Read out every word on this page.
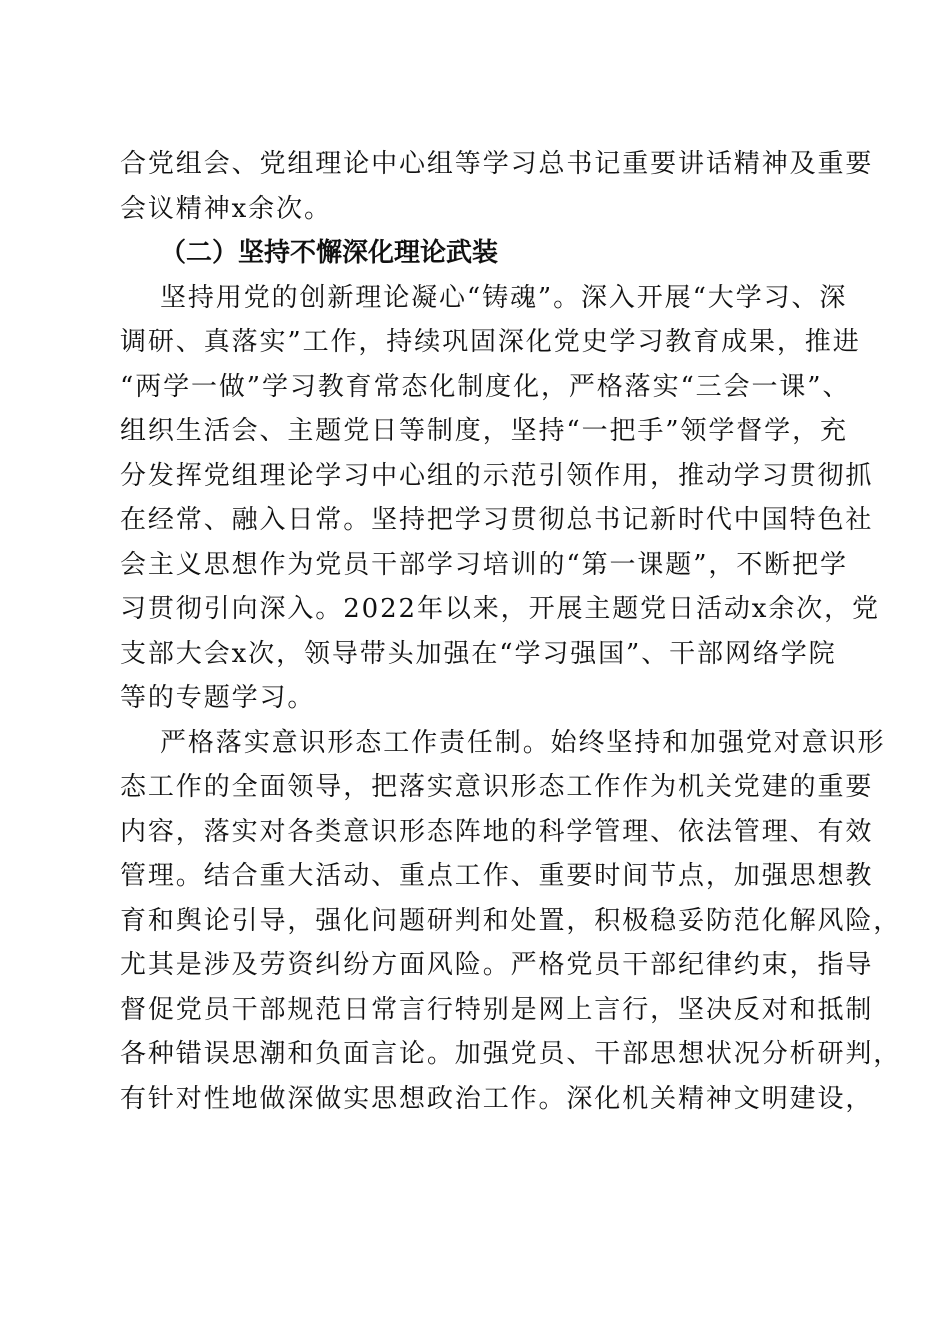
合党组会、党组理论中心组等学习总书记重要讲话精神及重要
会议精神x余次。
（二）坚持不懈深化理论武装
坚持用党的创新理论凝心“铸魂”。深入开展“大学习、深
调研、真落实”工作，持续巩固深化党史学习教育成果，推进
“两学一做”学习教育常态化制度化，严格落实“三会一课”、
组织生活会、主题党日等制度，坚持“一把手”领学督学，充
分发挥党组理论学习中心组的示范引领作用，推动学习贯彻抓
在经常、融入日常。坚持把学习贯彻总书记新时代中国特色社
会主义思想作为党员干部学习培训的“第一课题”，不断把学
习贯彻引向深入。2022年以来，开展主题党日活动x余次，党
支部大会x次，领导带头加强在“学习强国”、干部网络学院
等的专题学习。
严格落实意识形态工作责任制。始终坚持和加强党对意识形
态工作的全面领导，把落实意识形态工作作为机关党建的重要
内容，落实对各类意识形态阵地的科学管理、依法管理、有效
管理。结合重大活动、重点工作、重要时间节点，加强思想教
育和舆论引导，强化问题研判和处置，积极稳妥防范化解风险，
尤其是涉及劳资纠纷方面风险。严格党员干部纪律约束，指导
督促党员干部规范日常言行特别是网上言行，坚决反对和抵制
各种错误思潮和负面言论。加强党员、干部思想状况分析研判，
有针对性地做深做实思想政治工作。深化机关精神文明建设，
